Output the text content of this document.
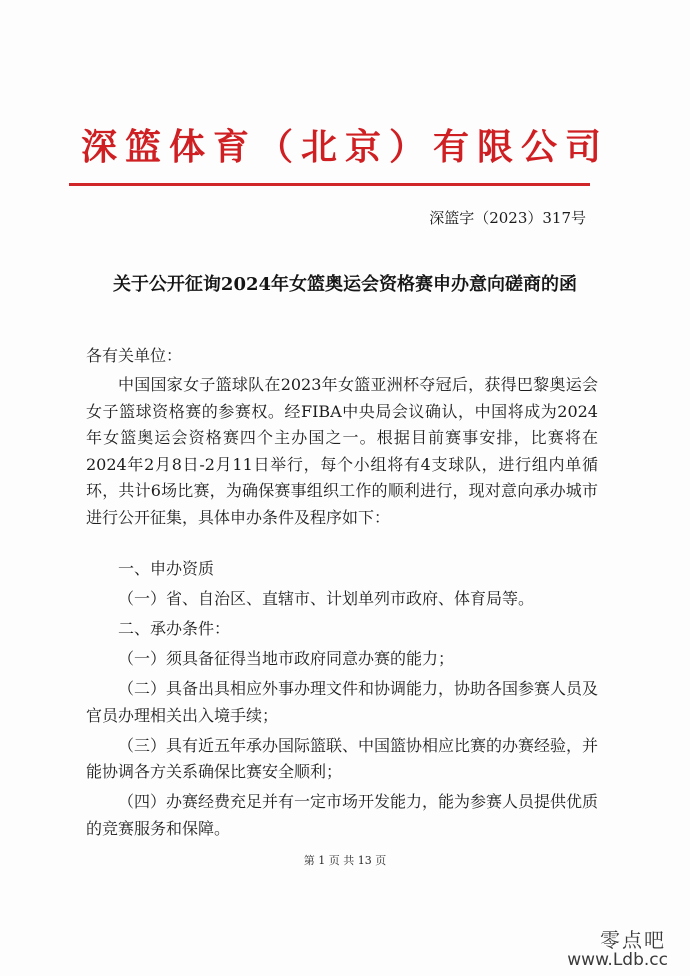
深篮体育（北京）有限公司
深篮字（2023）317号
关于公开征询2024年女篮奥运会资格赛申办意向磋商的函
各有关单位：
中国国家女子篮球队在2023年女篮亚洲杯夺冠后，获得巴黎奥运会女子篮球资格赛的参赛权。经FIBA中央局会议确认，中国将成为2024年女篮奥运会资格赛四个主办国之一。根据目前赛事安排，比赛将在2024年2月8日-2月11日举行，每个小组将有4支球队，进行组内单循环，共计6场比赛，为确保赛事组织工作的顺利进行，现对意向承办城市进行公开征集，具体申办条件及程序如下：
一、申办资质
（一）省、自治区、直辖市、计划单列市政府、体育局等。
二、承办条件：
（一）须具备征得当地市政府同意办赛的能力；
（二）具备出具相应外事办理文件和协调能力，协助各国参赛人员及官员办理相关出入境手续；
（三）具有近五年承办国际篮联、中国篮协相应比赛的办赛经验，并能协调各方关系确保比赛安全顺利；
（四）办赛经费充足并有一定市场开发能力，能为参赛人员提供优质的竞赛服务和保障。
第 1 页 共 13 页
零点吧
www.Ldb.cc
